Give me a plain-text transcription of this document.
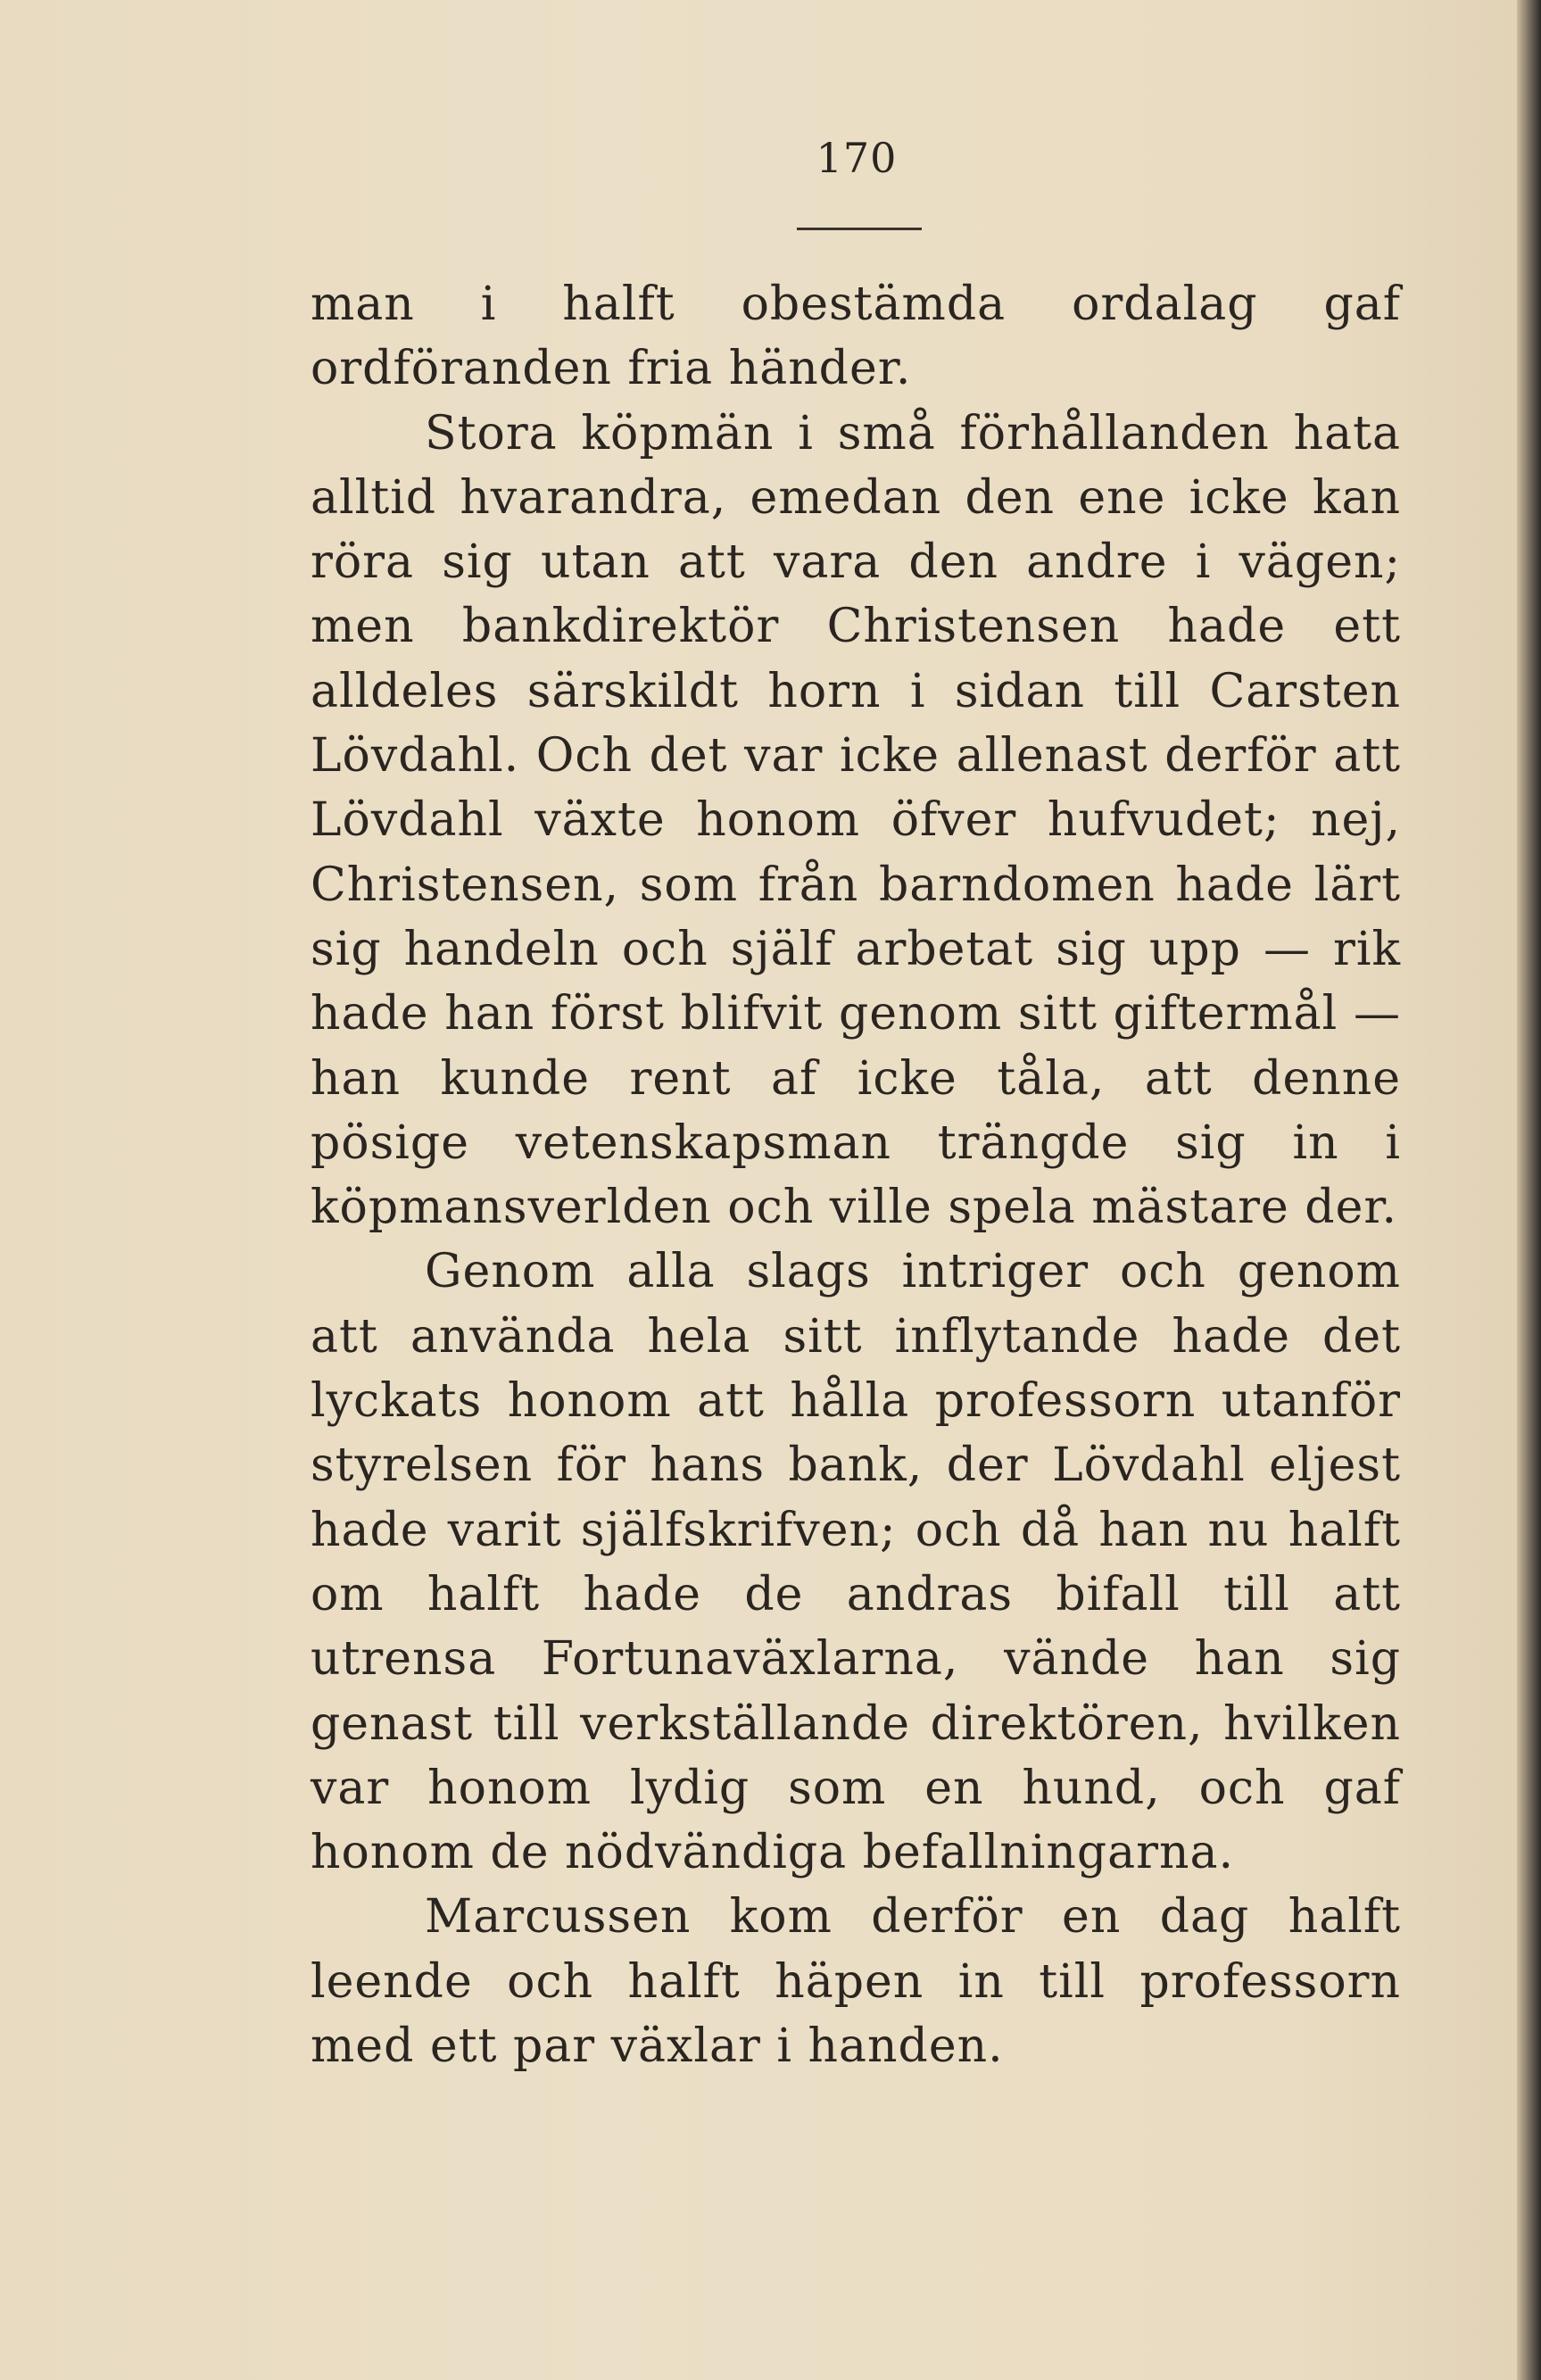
170

man i halft obestämda ordalag gaf ordföranden fria händer.

Stora köpmän i små förhållanden hata alltid hvarandra, emedan den ene icke kan röra sig utan att vara den andre i vägen; men bankdirektör Christensen hade ett alldeles särskildt horn i sidan till Carsten Lövdahl. Och det var icke allenast derför att Lövdahl växte honom öfver hufvudet; nej, Christensen, som från barndomen hade lärt sig handeln och själf arbetat sig upp — rik hade han först blifvit genom sitt giftermål — han kunde rent af icke tåla, att denne pösige vetenskapsman trängde sig in i köpmansverlden och ville spela mästare der.

Genom alla slags intriger och genom att använda hela sitt inflytande hade det lyckats honom att hålla professorn utanför styrelsen för hans bank, der Lövdahl eljest hade varit själfskrifven; och då han nu halft om halft hade de andras bifall till att utrensa Fortunaväxlarna, vände han sig genast till verkställande direktören, hvilken var honom lydig som en hund, och gaf honom de nödvändiga befallningarna.

Marcussen kom derför en dag halft leende och halft häpen in till professorn med ett par växlar i handen.
